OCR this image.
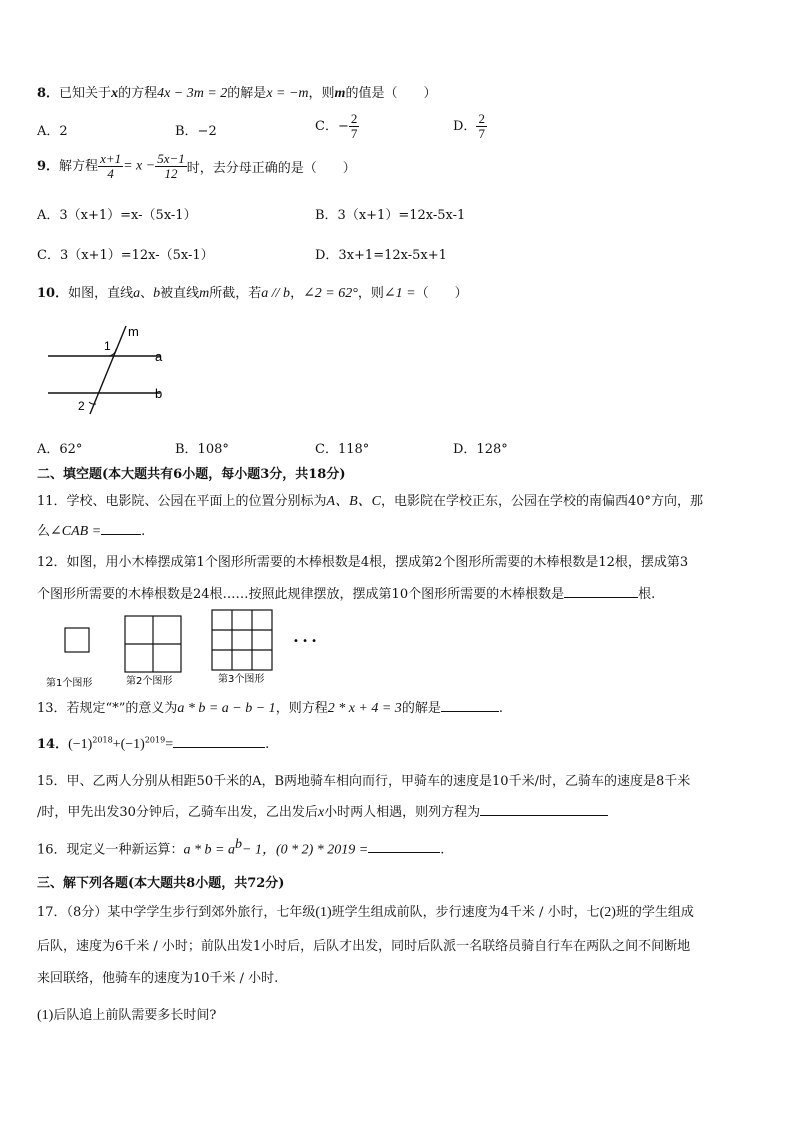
8．已知关于x的方程4x − 3m = 2的解是x = −m，则m的值是（　　）
A．2	B．−2	C．− $\frac{2}{7}$	D． $\frac{2}{7}$
9．解方程 $\frac{x+1}{4} = x - \frac{5x-1}{12}$ 时，去分母正确的是（　　）
A．3（x+1）=x-（5x-1）	B．3（x+1）=12x-5x-1
C．3（x+1）=12x-（5x-1）	D．3x+1=12x-5x+1
10．如图，直线a、b被直线m所截，若a // b，∠2 = 62°，则∠1 =（　　）
m
1
a
b
2
A．62°	B．108°	C．118°	D．128°
二、填空题(本大题共有6小题，每小题3分，共18分)
11．学校、电影院、公园在平面上的位置分别标为A、B、C，电影院在学校正东，公园在学校的南偏西40°方向，那
么∠CAB =	.
12．如图，用小木棒摆成第1个图形所需要的木棒根数是4根，摆成第2个图形所需要的木棒根数是12根，摆成第3
个图形所需要的木棒根数是24根……按照此规律摆放，摆成第10个图形所需要的木棒根数是	根.
• • •
第1个图形	第2个图形	第3个图形
13．若规定“*”的意义为a * b = a − b − 1，则方程2 * x + 4 = 3的解是	.
14．$(-1)^{2018}+(-1)^{2019}=$	.
15．甲、乙两人分别从相距50千米的A，B两地骑车相向而行，甲骑车的速度是10千米/时，乙骑车的速度是8千米
/时，甲先出发30分钟后，乙骑车出发，乙出发后x小时两人相遇，则列方程为
16．现定义一种新运算：$a * b = a^b- 1$，(0 * 2) * 2019 =	.
三、解下列各题(本大题共8小题，共72分)
17．（8分）某中学学生步行到郊外旅行，七年级(1)班学生组成前队，步行速度为4千米 / 小时，七(2)班的学生组成
后队，速度为6千米 / 小时；前队出发1小时后，后队才出发，同时后队派一名联络员骑自行车在两队之间不间断地
来回联络，他骑车的速度为10千米 / 小时.
(1)后队追上前队需要多长时间?
